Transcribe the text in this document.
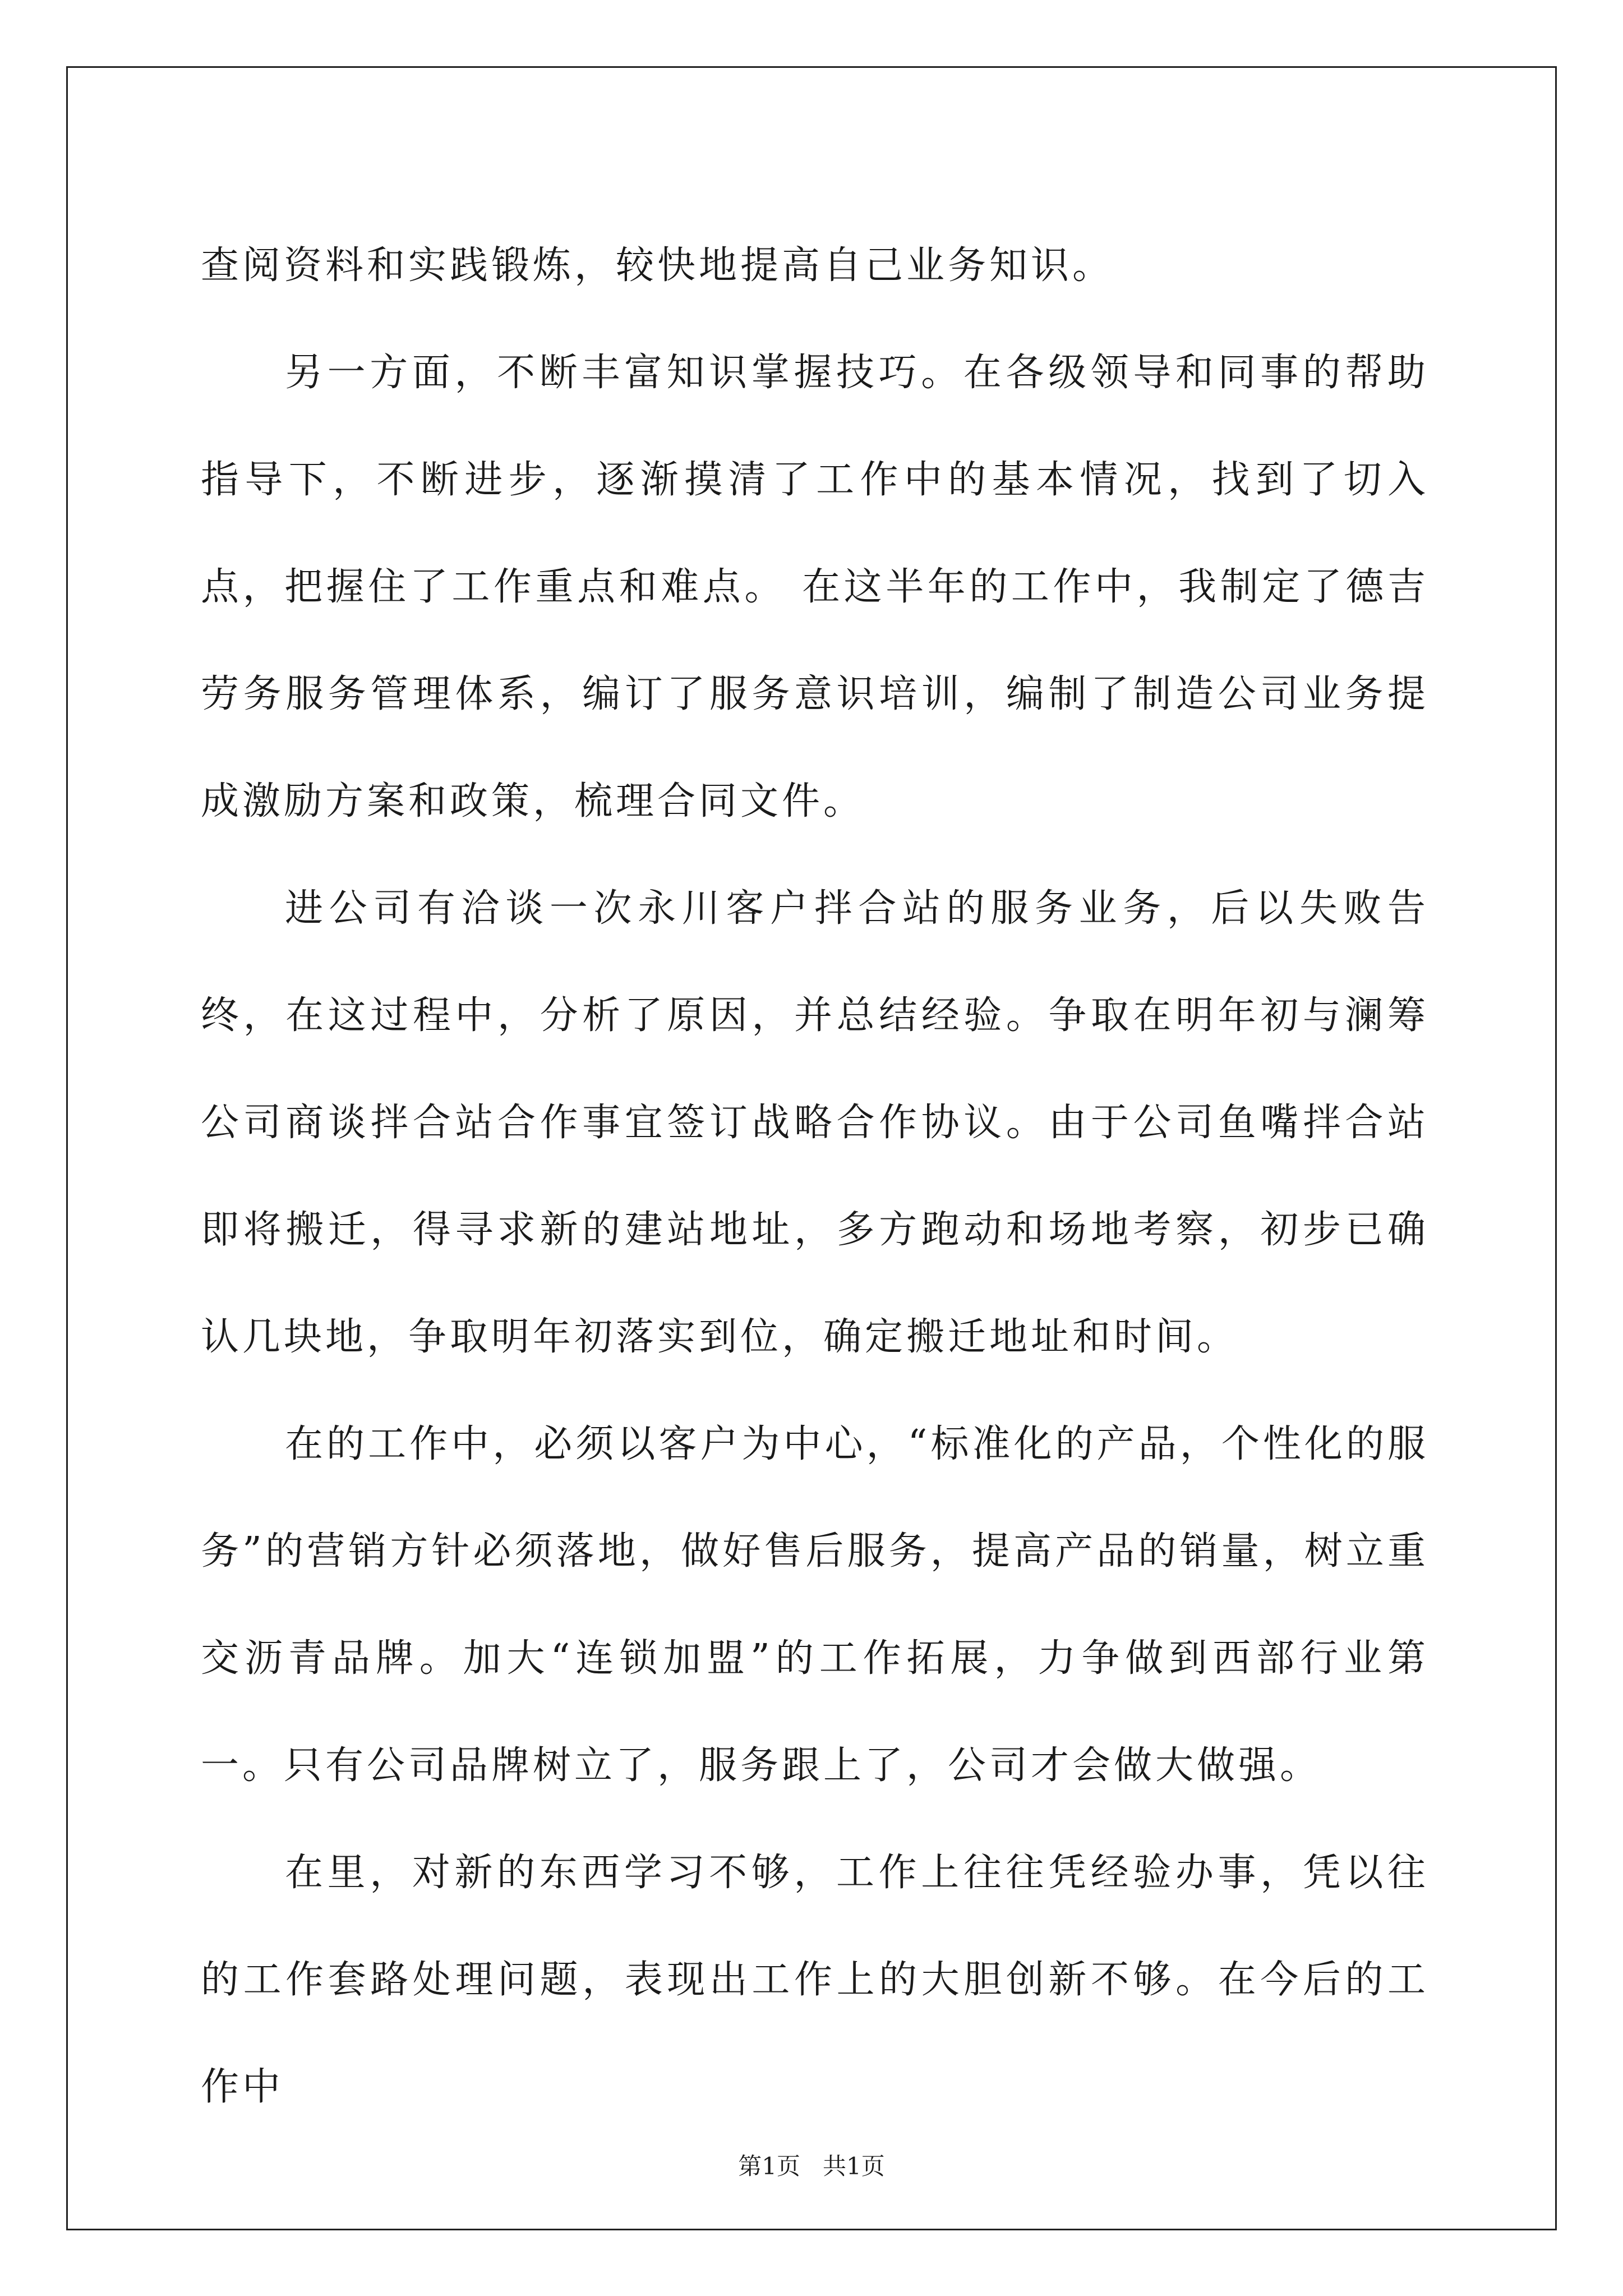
查阅资料和实践锻炼，较快地提高自己业务知识。

另一方面，不断丰富知识掌握技巧。在各级领导和同事的帮助指导下，不断进步，逐渐摸清了工作中的基本情况，找到了切入点，把握住了工作重点和难点。 在这半年的工作中，我制定了德吉劳务服务管理体系，编订了服务意识培训，编制了制造公司业务提成激励方案和政策，梳理合同文件。

进公司有洽谈一次永川客户拌合站的服务业务，后以失败告终，在这过程中，分析了原因，并总结经验。争取在明年初与澜筹公司商谈拌合站合作事宜签订战略合作协议。由于公司鱼嘴拌合站即将搬迁，得寻求新的建站地址，多方跑动和场地考察，初步已确认几块地，争取明年初落实到位，确定搬迁地址和时间。

在的工作中，必须以客户为中心，“标准化的产品，个性化的服务”的营销方针必须落地，做好售后服务，提高产品的销量，树立重交沥青品牌。加大“连锁加盟”的工作拓展，力争做到西部行业第一。只有公司品牌树立了，服务跟上了，公司才会做大做强。

在里，对新的东西学习不够，工作上往往凭经验办事，凭以往的工作套路处理问题，表现出工作上的大胆创新不够。在今后的工作中

第1页 共1页
